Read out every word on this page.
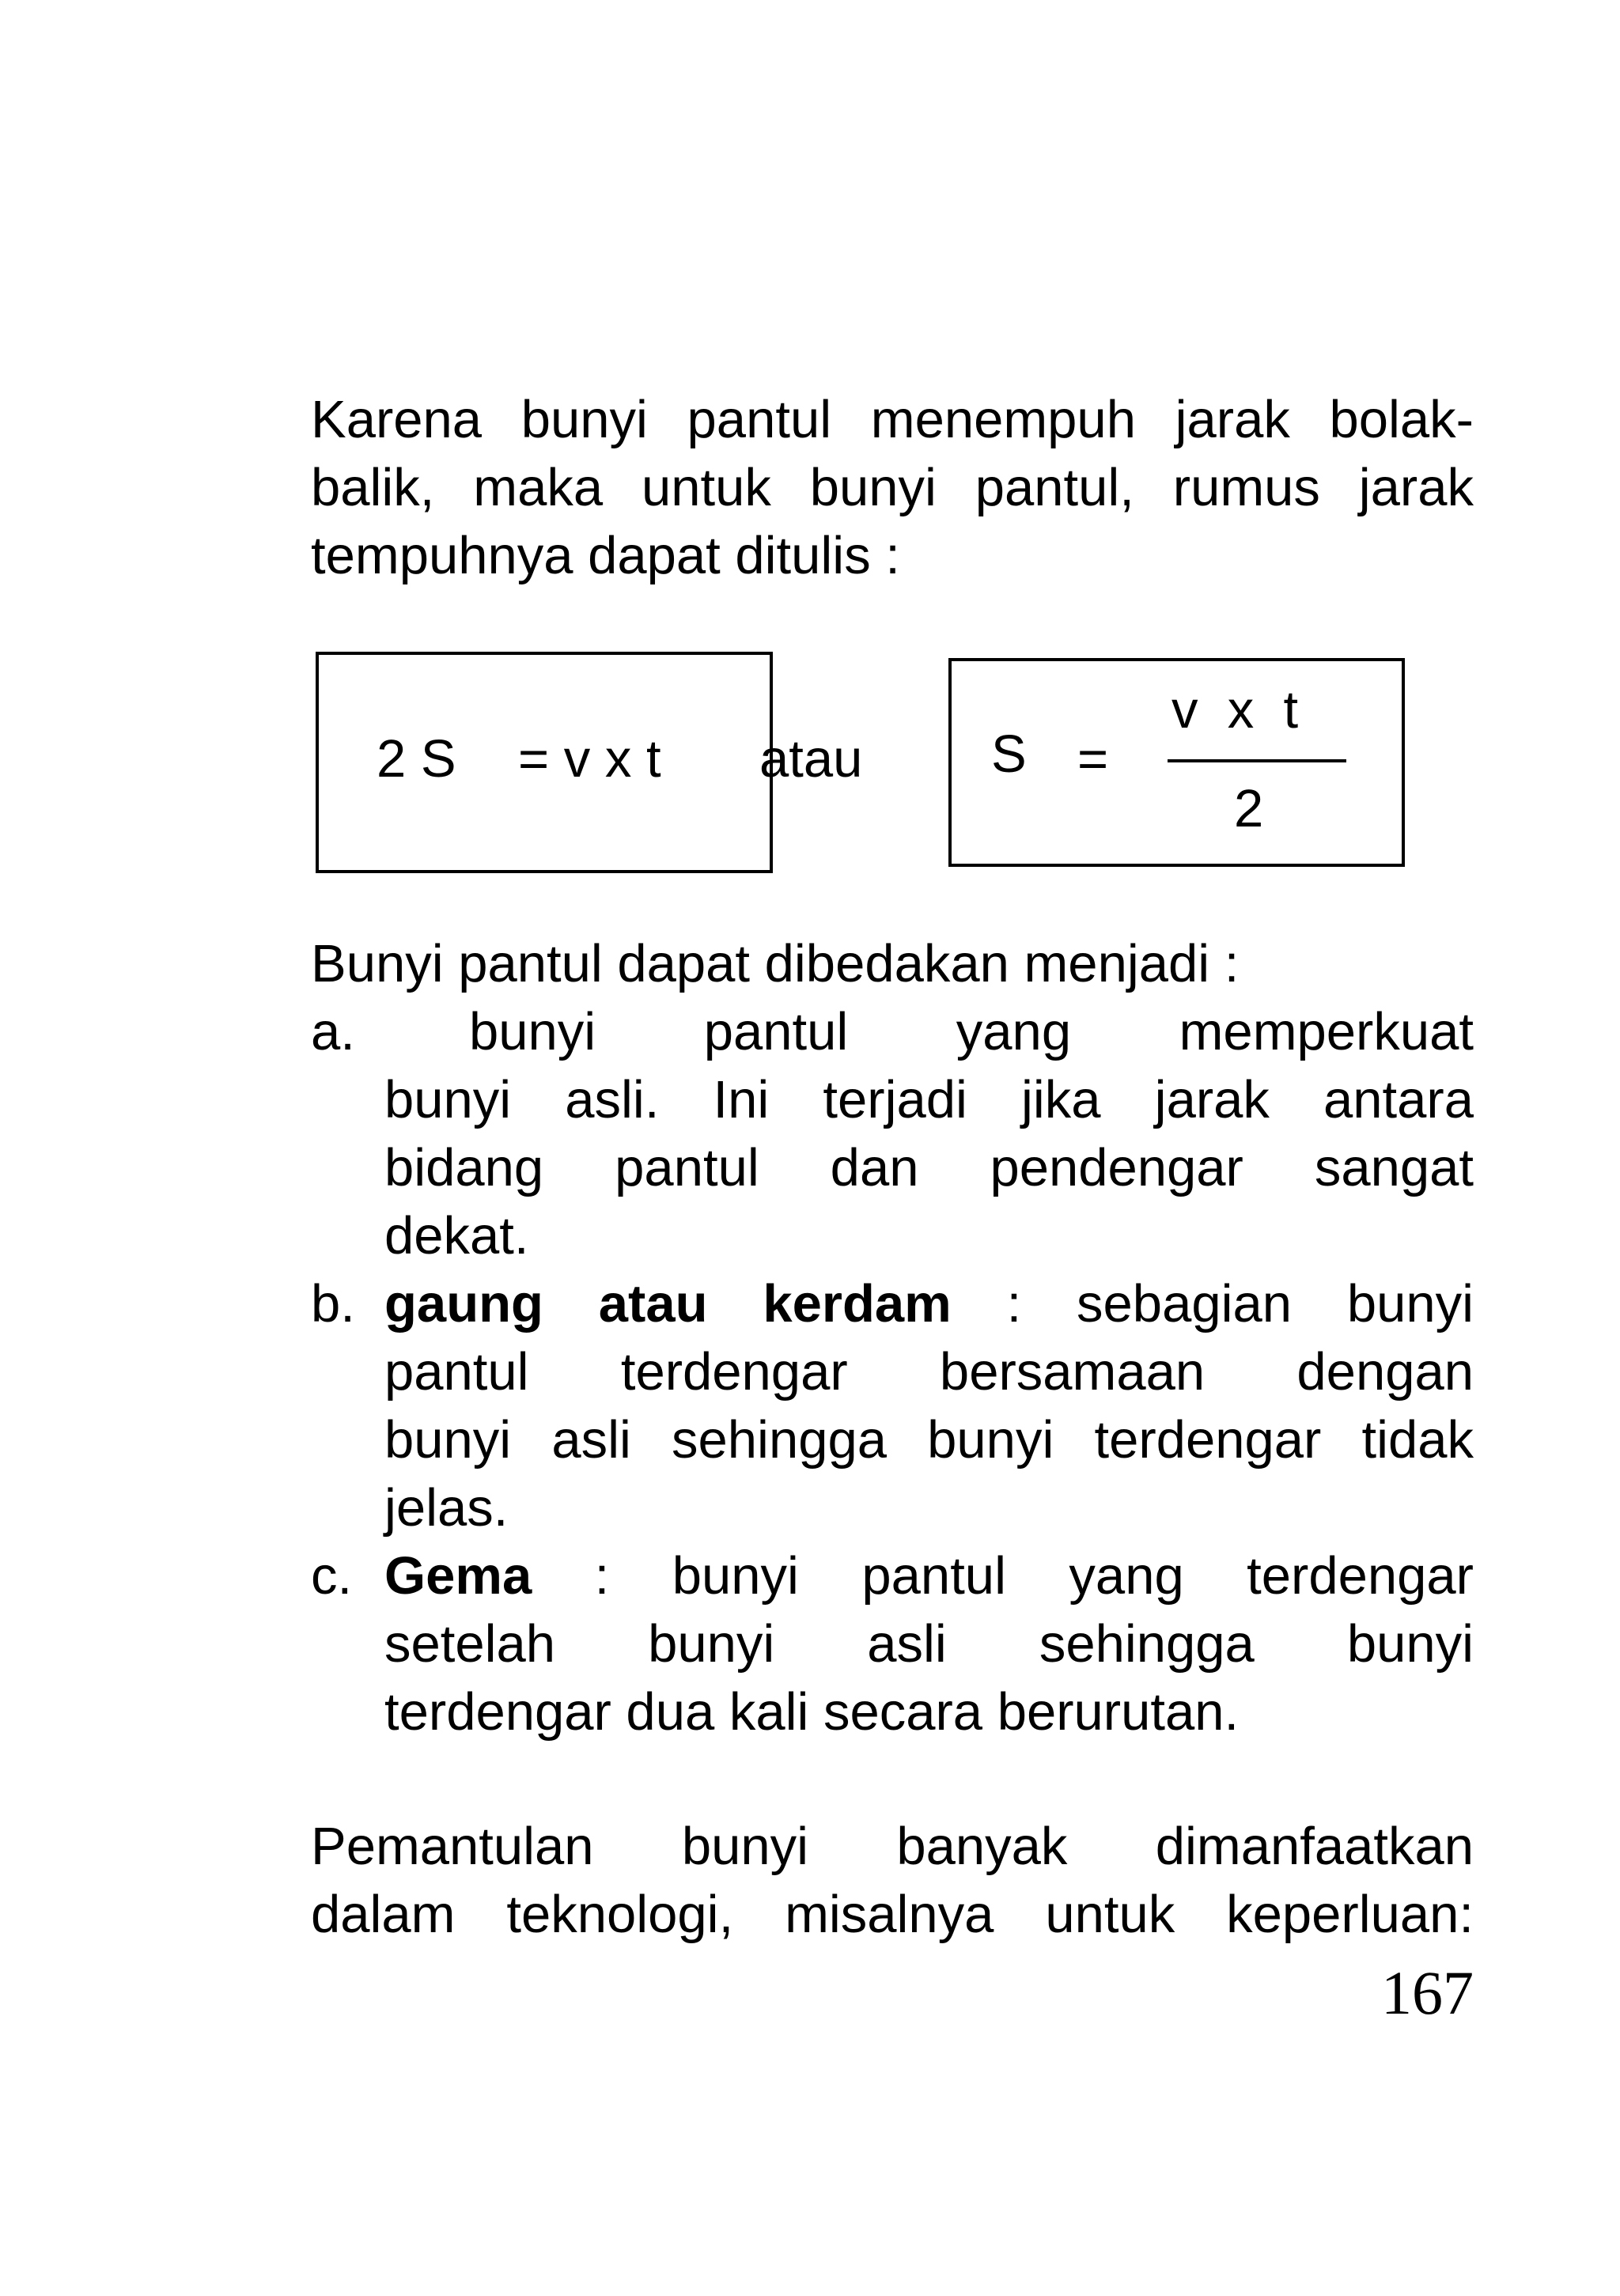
Karena bunyi pantul menempuh jarak bolak-
balik, maka untuk bunyi pantul, rumus jarak
tempuhnya dapat ditulis :
2 S = v x t atau S =
v  x  t
2
Bunyi pantul dapat dibedakan menjadi :
a. bunyi pantul yang memperkuat
bunyi asli. Ini terjadi jika jarak antara
bidang pantul dan pendengar sangat
dekat.
b. gaung atau kerdam : sebagian bunyi
pantul terdengar bersamaan dengan
bunyi asli sehingga bunyi terdengar tidak
jelas.
c. Gema : bunyi pantul yang terdengar
setelah bunyi asli sehingga bunyi
terdengar dua kali secara berurutan.
Pemantulan bunyi banyak dimanfaatkan
dalam teknologi, misalnya untuk keperluan:
167
